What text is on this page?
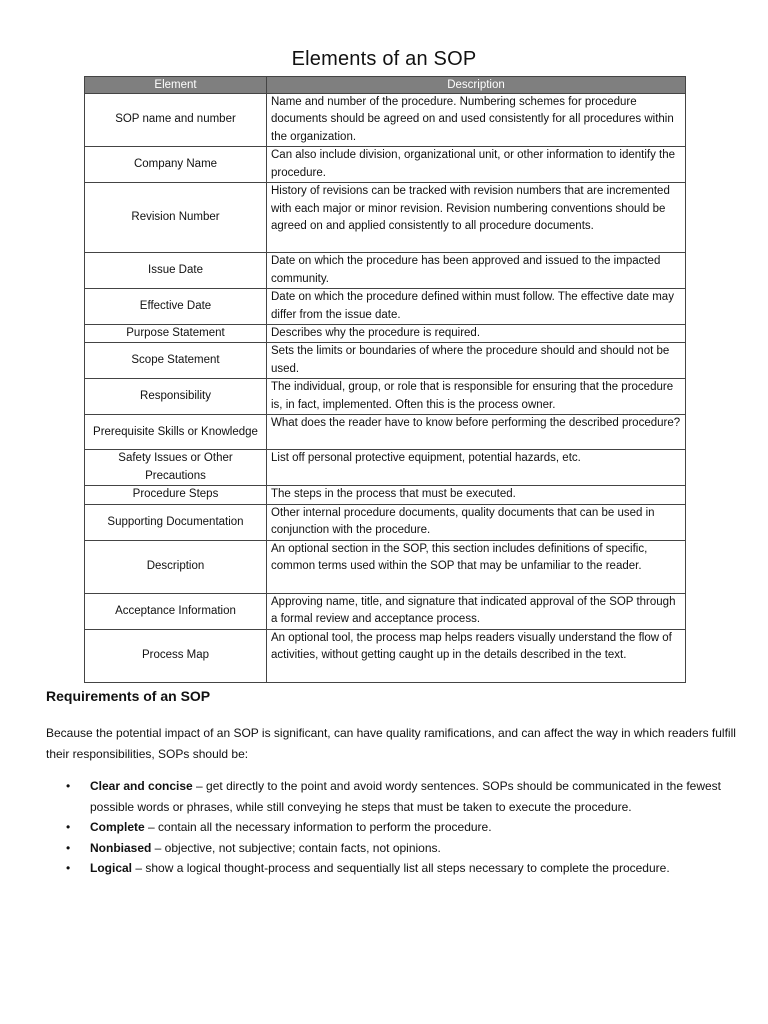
Elements of an SOP
Element	Description
SOP name and number	Name and number of the procedure. Numbering schemes for procedure documents should be agreed on and used consistently for all procedures within the organization.
Company Name	Can also include division, organizational unit, or other information to identify the procedure.
Revision Number	History of revisions can be tracked with revision numbers that are incremented with each major or minor revision. Revision numbering conventions should be agreed on and applied consistently to all procedure documents.
Issue Date	Date on which the procedure has been approved and issued to the impacted community.
Effective Date	Date on which the procedure defined within must follow. The effective date may differ from the issue date.
Purpose Statement	Describes why the procedure is required.
Scope Statement	Sets the limits or boundaries of where the procedure should and should not be used.
Responsibility	The individual, group, or role that is responsible for ensuring that the procedure is, in fact, implemented. Often this is the process owner.
Prerequisite Skills or Knowledge	What does the reader have to know before performing the described procedure?
Safety Issues or Other Precautions	List off personal protective equipment, potential hazards, etc.
Procedure Steps	The steps in the process that must be executed.
Supporting Documentation	Other internal procedure documents, quality documents that can be used in conjunction with the procedure.
Description	An optional section in the SOP, this section includes definitions of specific, common terms used within the SOP that may be unfamiliar to the reader.
Acceptance Information	Approving name, title, and signature that indicated approval of the SOP through a formal review and acceptance process.
Process Map	An optional tool, the process map helps readers visually understand the flow of activities, without getting caught up in the details described in the text.
Requirements of an SOP
Because the potential impact of an SOP is significant, can have quality ramifications, and can affect the way in which readers fulfill their responsibilities, SOPs should be:
• Clear and concise – get directly to the point and avoid wordy sentences. SOPs should be communicated in the fewest possible words or phrases, while still conveying he steps that must be taken to execute the procedure.
• Complete – contain all the necessary information to perform the procedure.
• Nonbiased – objective, not subjective; contain facts, not opinions.
• Logical – show a logical thought-process and sequentially list all steps necessary to complete the procedure.
